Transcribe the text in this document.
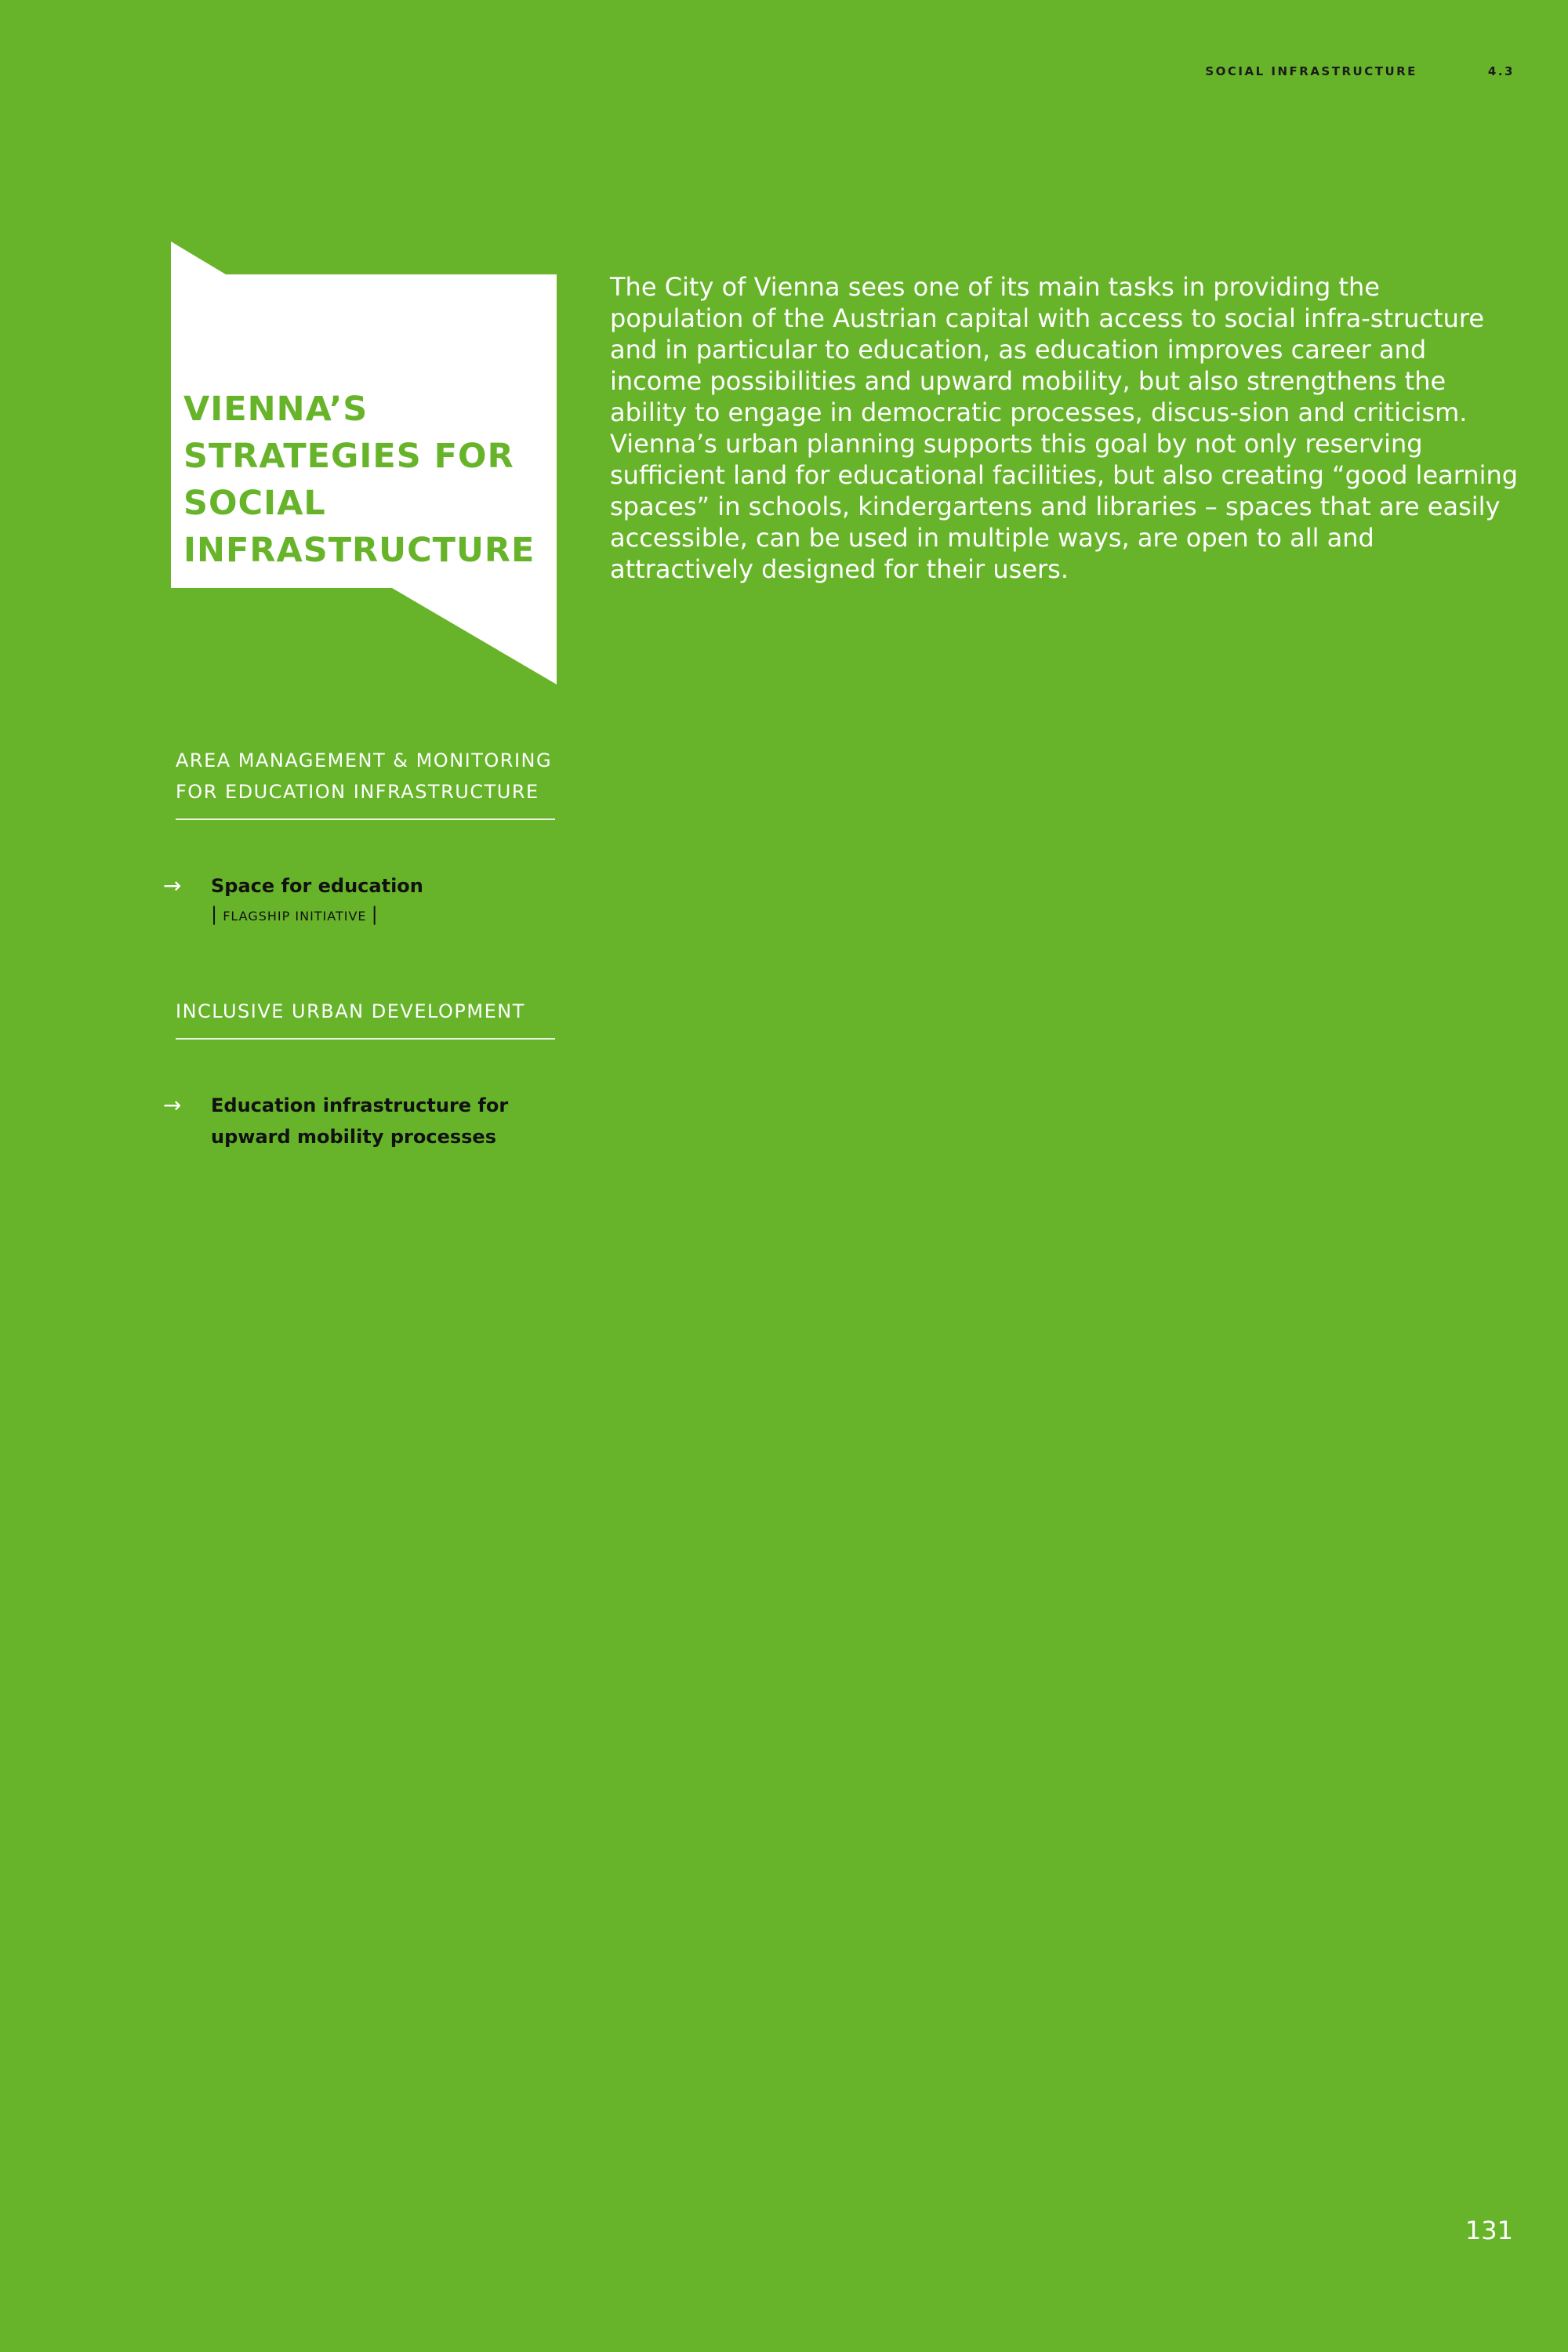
SOCIAL INFRASTRUCTURE	4.3
VIENNA’S STRATEGIES FOR SOCIAL INFRASTRUCTURE

The City of Vienna sees one of its main tasks in providing the population of the Austrian capital with access to social infra-structure and in particular to education, as education improves career and income possibilities and upward mobility, but also strengthens the ability to engage in democratic processes, discus-sion and criticism. Vienna’s urban planning supports this goal by not only reserving sufficient land for educational facilities, but also creating “good learning spaces” in schools, kindergartens and libraries – spaces that are easily accessible, can be used in multiple ways, are open to all and attractively designed for their users.

AREA MANAGEMENT & MONITORING FOR EDUCATION INFRASTRUCTURE
→ Space for education
| FLAGSHIP INITIATIVE |
INCLUSIVE URBAN DEVELOPMENT
→ Education infrastructure for upward mobility processes
131
